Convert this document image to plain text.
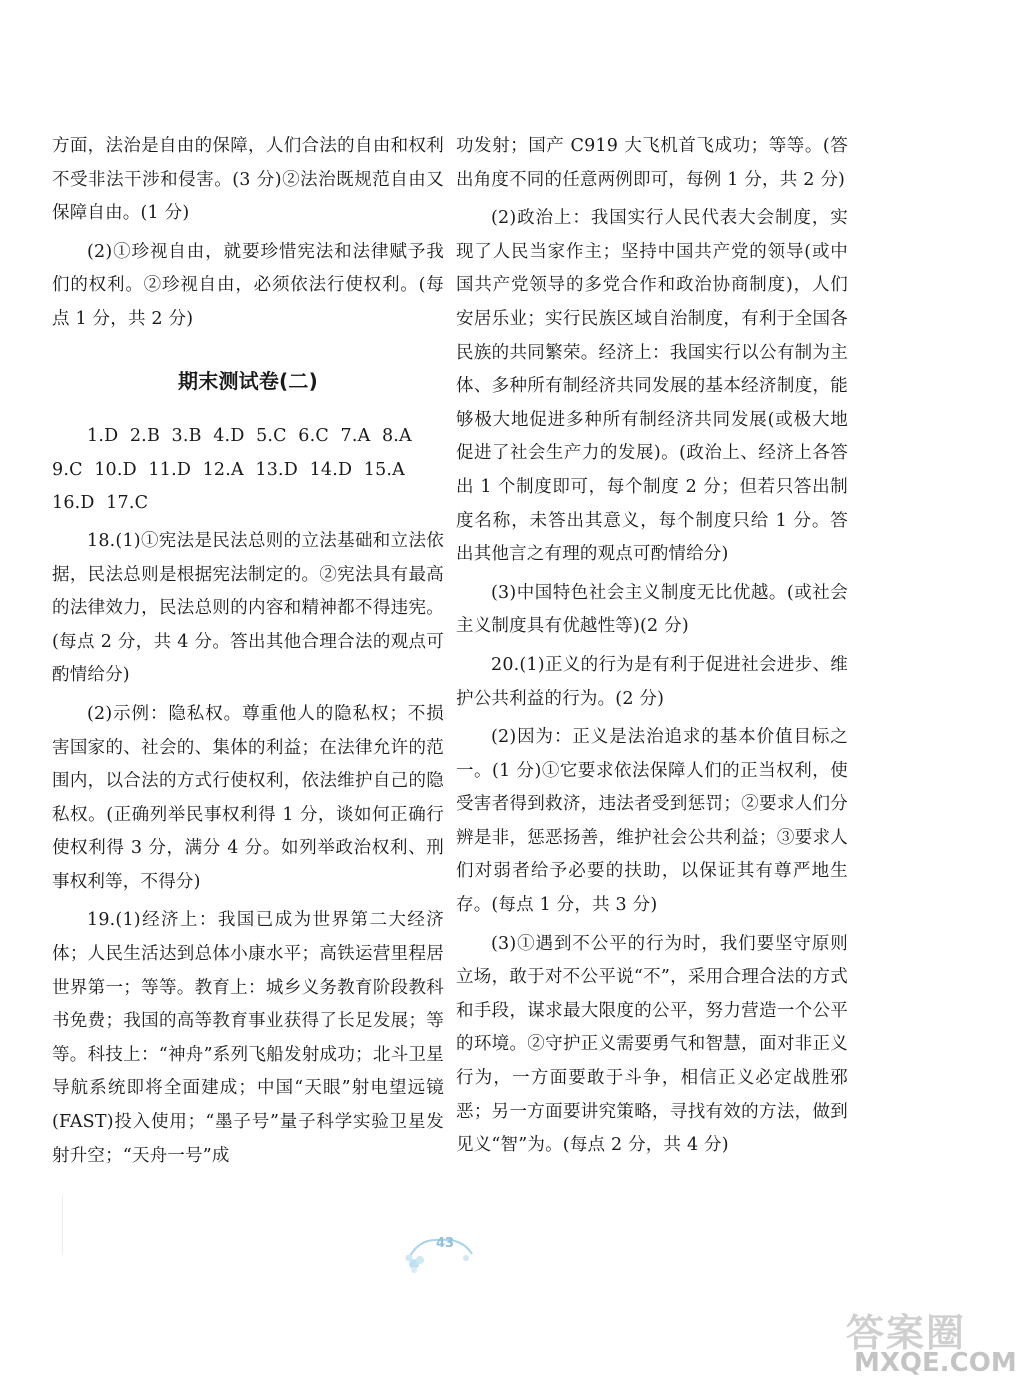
方面，法治是自由的保障，人们合法的自由和权利不受非法干涉和侵害。(3 分)②法治既规范自由又保障自由。(1 分)

(2)①珍视自由，就要珍惜宪法和法律赋予我们的权利。②珍视自由，必须依法行使权利。(每点 1 分，共 2 分)

期末测试卷(二)

1.D  2.B  3.B  4.D  5.C  6.C  7.A  8.A
9.C  10.D  11.D  12.A  13.D  14.D  15.A
16.D  17.C

18.(1)①宪法是民法总则的立法基础和立法依据，民法总则是根据宪法制定的。②宪法具有最高的法律效力，民法总则的内容和精神都不得违宪。(每点 2 分，共 4 分。答出其他合理合法的观点可酌情给分)

(2)示例：隐私权。尊重他人的隐私权；不损害国家的、社会的、集体的利益；在法律允许的范围内，以合法的方式行使权利，依法维护自己的隐私权。(正确列举民事权利得 1 分，谈如何正确行使权利得 3 分，满分 4 分。如列举政治权利、刑事权利等，不得分)

19.(1)经济上：我国已成为世界第二大经济体；人民生活达到总体小康水平；高铁运营里程居世界第一；等等。教育上：城乡义务教育阶段教科书免费；我国的高等教育事业获得了长足发展；等等。科技上：“神舟”系列飞船发射成功；北斗卫星导航系统即将全面建成；中国“天眼”射电望远镜(FAST)投入使用；“墨子号”量子科学实验卫星发射升空；“天舟一号”成

功发射；国产 C919 大飞机首飞成功；等等。(答出角度不同的任意两例即可，每例 1 分，共 2 分)

(2)政治上：我国实行人民代表大会制度，实现了人民当家作主；坚持中国共产党的领导(或中国共产党领导的多党合作和政治协商制度)，人们安居乐业；实行民族区域自治制度，有利于全国各民族的共同繁荣。经济上：我国实行以公有制为主体、多种所有制经济共同发展的基本经济制度，能够极大地促进多种所有制经济共同发展(或极大地促进了社会生产力的发展)。(政治上、经济上各答出 1 个制度即可，每个制度 2 分；但若只答出制度名称，未答出其意义，每个制度只给 1 分。答出其他言之有理的观点可酌情给分)

(3)中国特色社会主义制度无比优越。(或社会主义制度具有优越性等)(2 分)

20.(1)正义的行为是有利于促进社会进步、维护公共利益的行为。(2 分)

(2)因为：正义是法治追求的基本价值目标之一。(1 分)①它要求依法保障人们的正当权利，使受害者得到救济，违法者受到惩罚；②要求人们分辨是非，惩恶扬善，维护社会公共利益；③要求人们对弱者给予必要的扶助，以保证其有尊严地生存。(每点 1 分，共 3 分)

(3)①遇到不公平的行为时，我们要坚守原则立场，敢于对不公平说“不”，采用合理合法的方式和手段，谋求最大限度的公平，努力营造一个公平的环境。②守护正义需要勇气和智慧，面对非正义行为，一方面要敢于斗争，相信正义必定战胜邪恶；另一方面要讲究策略，寻找有效的方法，做到见义“智”为。(每点 2 分，共 4 分)

43
答案圈
MXQE.COM
